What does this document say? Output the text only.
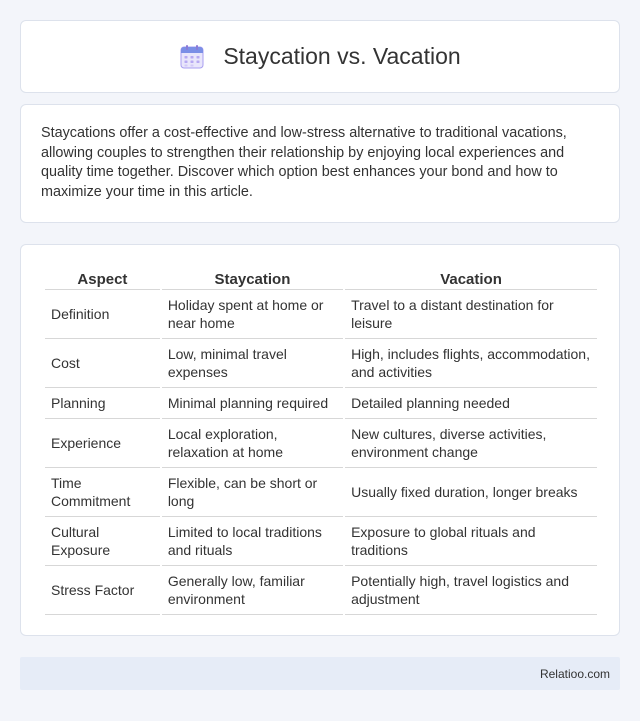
Staycation vs. Vacation

Staycations offer a cost-effective and low-stress alternative to traditional vacations, allowing couples to strengthen their relationship by enjoying local experiences and quality time together. Discover which option best enhances your bond and how to maximize your time in this article.

Aspect	Staycation	Vacation
Definition	Holiday spent at home or near home	Travel to a distant destination for leisure
Cost	Low, minimal travel expenses	High, includes flights, accommodation, and activities
Planning	Minimal planning required	Detailed planning needed
Experience	Local exploration, relaxation at home	New cultures, diverse activities, environment change
Time Commitment	Flexible, can be short or long	Usually fixed duration, longer breaks
Cultural Exposure	Limited to local traditions and rituals	Exposure to global rituals and traditions
Stress Factor	Generally low, familiar environment	Potentially high, travel logistics and adjustment
Relatioo.com
